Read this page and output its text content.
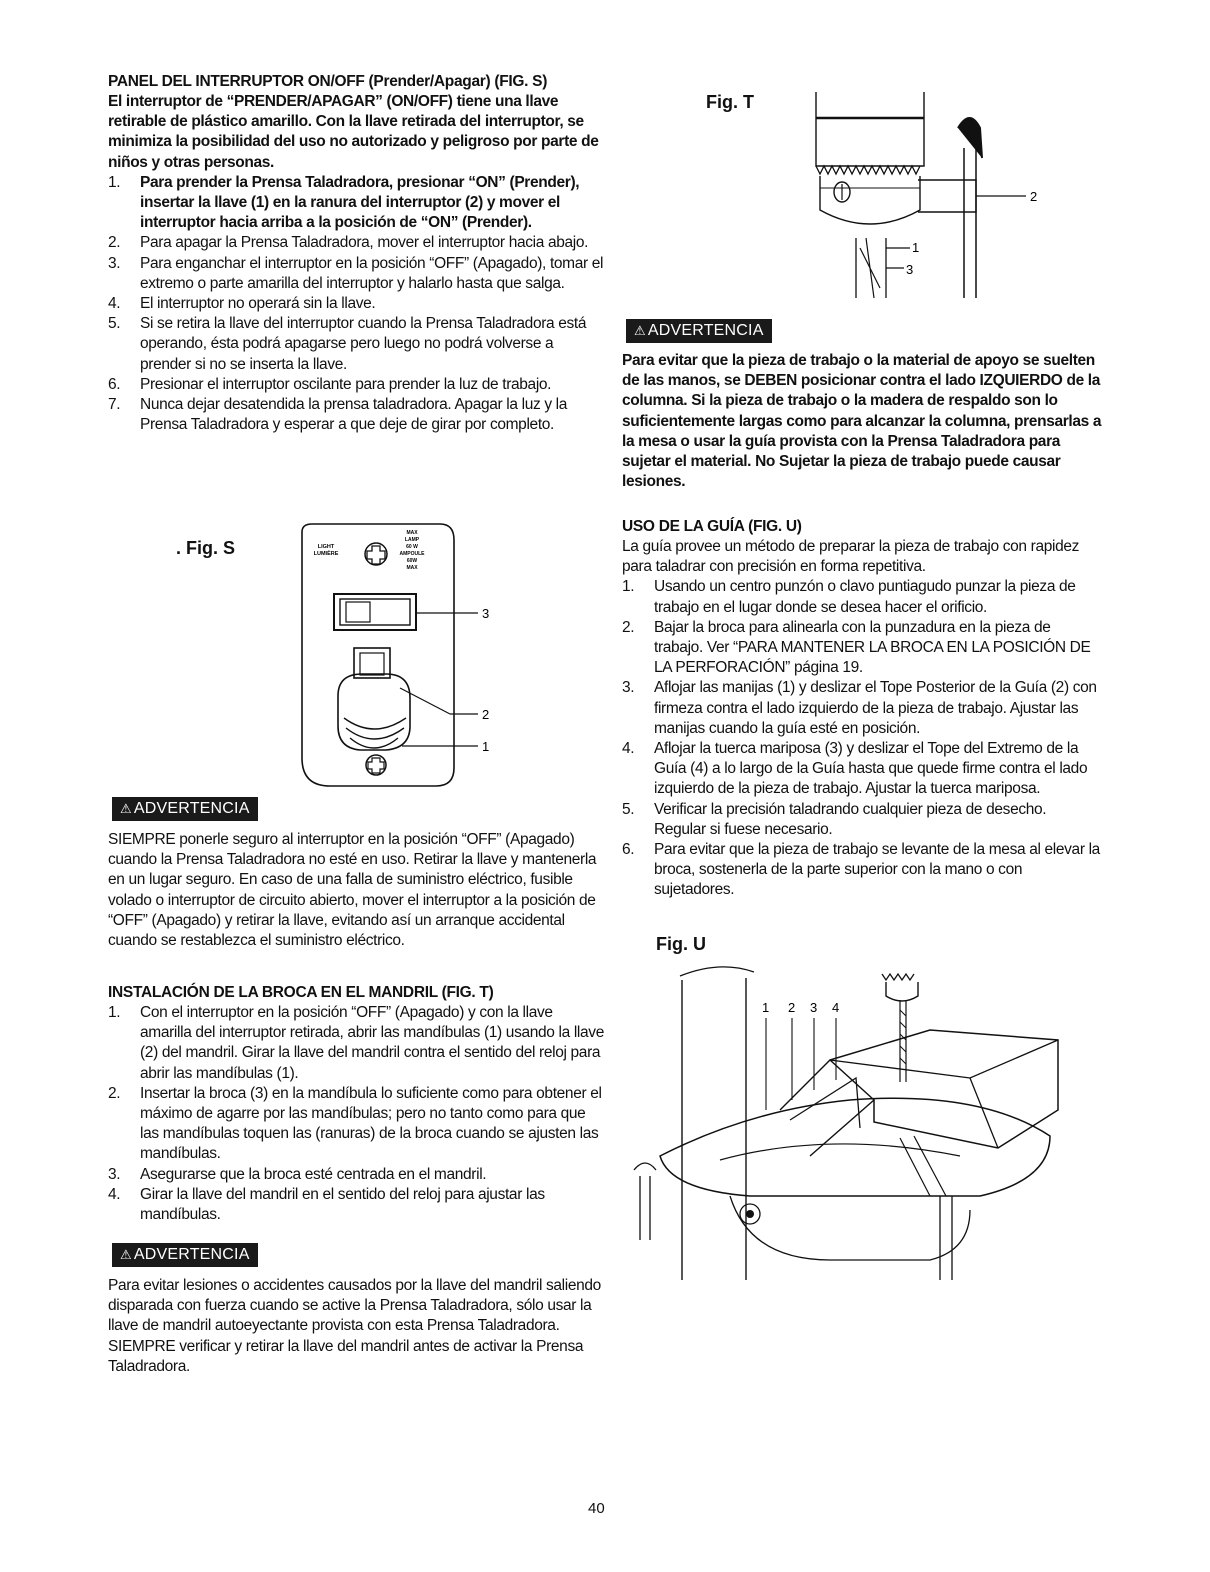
PANEL DEL INTERRUPTOR ON/OFF (Prender/Apagar) (FIG. S)
El interruptor de “PRENDER/APAGAR” (ON/OFF) tiene una llave retirable de plástico amarillo. Con la llave retirada del interruptor, se minimiza la posibilidad del uso no autorizado y peligroso por parte de niños y otras personas.
1. Para prender la Prensa Taladradora, presionar “ON” (Prender), insertar la llave (1) en la ranura del interruptor (2) y mover el interruptor hacia arriba a la posición de “ON” (Prender).
2. Para apagar la Prensa Taladradora, mover el interruptor hacia abajo.
3. Para enganchar el interruptor en la posición “OFF” (Apagado), tomar el extremo o parte amarilla del interruptor y halarlo hasta que salga.
4. El interruptor no operará sin la llave.
5. Si se retira la llave del interruptor cuando la Prensa Taladradora está operando, ésta podrá apagarse pero luego no podrá volverse a prender si no se inserta la llave.
6. Presionar el interruptor oscilante para prender la luz de trabajo.
7. Nunca dejar desatendida la prensa taladradora. Apagar la luz y la Prensa Taladradora y esperar a que deje de girar por completo.
. Fig. S	LIGHT
LUMIÈRE
MAX
LAMP
60 W
AMPOULE
60W
MAX
3
2
1
⚠ ADVERTENCIA
SIEMPRE ponerle seguro al interruptor en la posición “OFF” (Apagado) cuando la Prensa Taladradora no esté en uso. Retirar la llave y mantenerla en un lugar seguro. En caso de una falla de suministro eléctrico, fusible volado o interruptor de circuito abierto, mover el interruptor a la posición de “OFF” (Apagado) y retirar la llave, evitando así un arranque accidental cuando se restablezca el suministro eléctrico.
INSTALACIÓN DE LA BROCA EN EL MANDRIL (FIG. T)
1. Con el interruptor en la posición “OFF” (Apagado) y con la llave amarilla del interruptor retirada, abrir las mandíbulas (1) usando la llave (2) del mandril. Girar la llave del mandril contra el sentido del reloj para abrir las mandíbulas (1).
2. Insertar la broca (3) en la mandíbula lo suficiente como para obtener el máximo de agarre por las mandíbulas; pero no tanto como para que las mandíbulas toquen las (ranuras) de la broca cuando se ajusten las mandíbulas.
3. Asegurarse que la broca esté centrada en el mandril.
4. Girar la llave del mandril en el sentido del reloj para ajustar las mandíbulas.
⚠ ADVERTENCIA
Para evitar lesiones o accidentes causados por la llave del mandril saliendo disparada con fuerza cuando se active la Prensa Taladradora, sólo usar la llave de mandril autoeyectante provista con esta Prensa Taladradora. SIEMPRE verificar y retirar la llave del mandril antes de activar la Prensa Taladradora.
Fig. T
2
1
3
⚠ ADVERTENCIA
Para evitar que la pieza de trabajo o la material de apoyo se suelten de las manos, se DEBEN posicionar contra el lado IZQUIERDO de la columna. Si la pieza de trabajo o la madera de respaldo son lo suficientemente largas como para alcanzar la columna, prensarlas a la mesa o usar la guía provista con la Prensa Taladradora para sujetar el material. No Sujetar la pieza de trabajo puede causar lesiones.
USO DE LA GUÍA (FIG. U)
La guía provee un método de preparar la pieza de trabajo con rapidez para taladrar con precisión en forma repetitiva.
1. Usando un centro punzón o clavo puntiagudo punzar la pieza de trabajo en el lugar donde se desea hacer el orificio.
2. Bajar la broca para alinearla con la punzadura en la pieza de trabajo. Ver “PARA MANTENER LA BROCA EN LA POSICIÓN DE LA PERFORACIÓN” página 19.
3. Aflojar las manijas (1) y deslizar el Tope Posterior de la Guía (2) con firmeza contra el lado izquierdo de la pieza de trabajo. Ajustar las manijas cuando la guía esté en posición.
4. Aflojar la tuerca mariposa (3) y deslizar el Tope del Extremo de la Guía (4) a lo largo de la Guía hasta que quede firme contra el lado izquierdo de la pieza de trabajo. Ajustar la tuerca mariposa.
5. Verificar la precisión taladrando cualquier pieza de desecho. Regular si fuese necesario.
6. Para evitar que la pieza de trabajo se levante de la mesa al elevar la broca, sostenerla de la parte superior con la mano o con sujetadores.
Fig. U
1 2 3 4
40
